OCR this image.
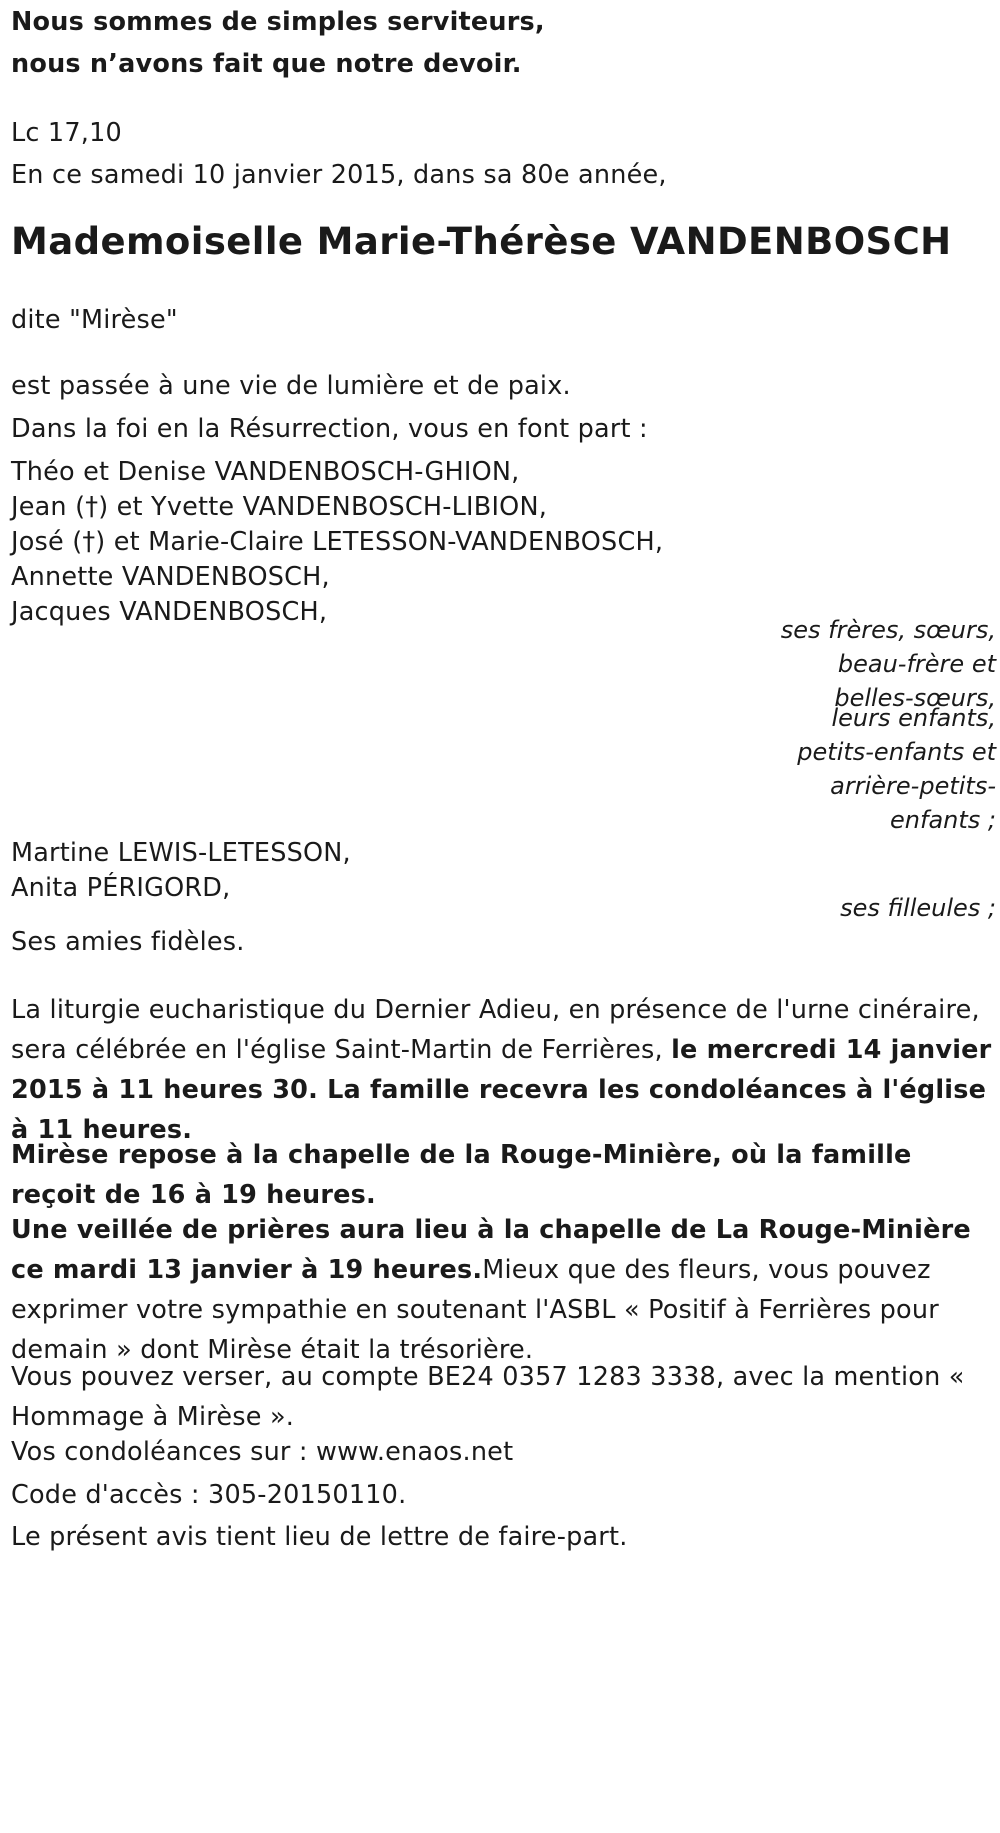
Nous sommes de simples serviteurs,
nous n’avons fait que notre devoir.
Lc 17,10
En ce samedi 10 janvier 2015, dans sa 80e année,
Mademoiselle Marie-Thérèse VANDENBOSCH
dite "Mirèse"
est passée à une vie de lumière et de paix.
Dans la foi en la Résurrection, vous en font part :
Théo et Denise VANDENBOSCH-GHION,
Jean (†) et Yvette VANDENBOSCH-LIBION,
José (†) et Marie-Claire LETESSON-VANDENBOSCH,
Annette VANDENBOSCH,
Jacques VANDENBOSCH,
ses frères, sœurs,
beau-frère et
belles-sœurs,
leurs enfants,
petits-enfants et
arrière-petits-
enfants ;
Martine LEWIS-LETESSON,
Anita PÉRIGORD,
ses filleules ;
Ses amies fidèles.
La liturgie eucharistique du Dernier Adieu, en présence de l'urne cinéraire, sera célébrée en l'église Saint-Martin de Ferrières, le mercredi 14 janvier 2015 à 11 heures 30. La famille recevra les condoléances à l'église à 11 heures.
Mirèse repose à la chapelle de la Rouge-Minière, où la famille reçoit de 16 à 19 heures.
Une veillée de prières aura lieu à la chapelle de La Rouge-Minière ce mardi 13 janvier à 19 heures.Mieux que des fleurs, vous pouvez exprimer votre sympathie en soutenant l'ASBL « Positif à Ferrières pour demain » dont Mirèse était la trésorière.
Vous pouvez verser, au compte BE24 0357 1283 3338, avec la mention « Hommage à Mirèse ».
Vos condoléances sur : www.enaos.net
Code d'accès : 305-20150110.
Le présent avis tient lieu de lettre de faire-part.
